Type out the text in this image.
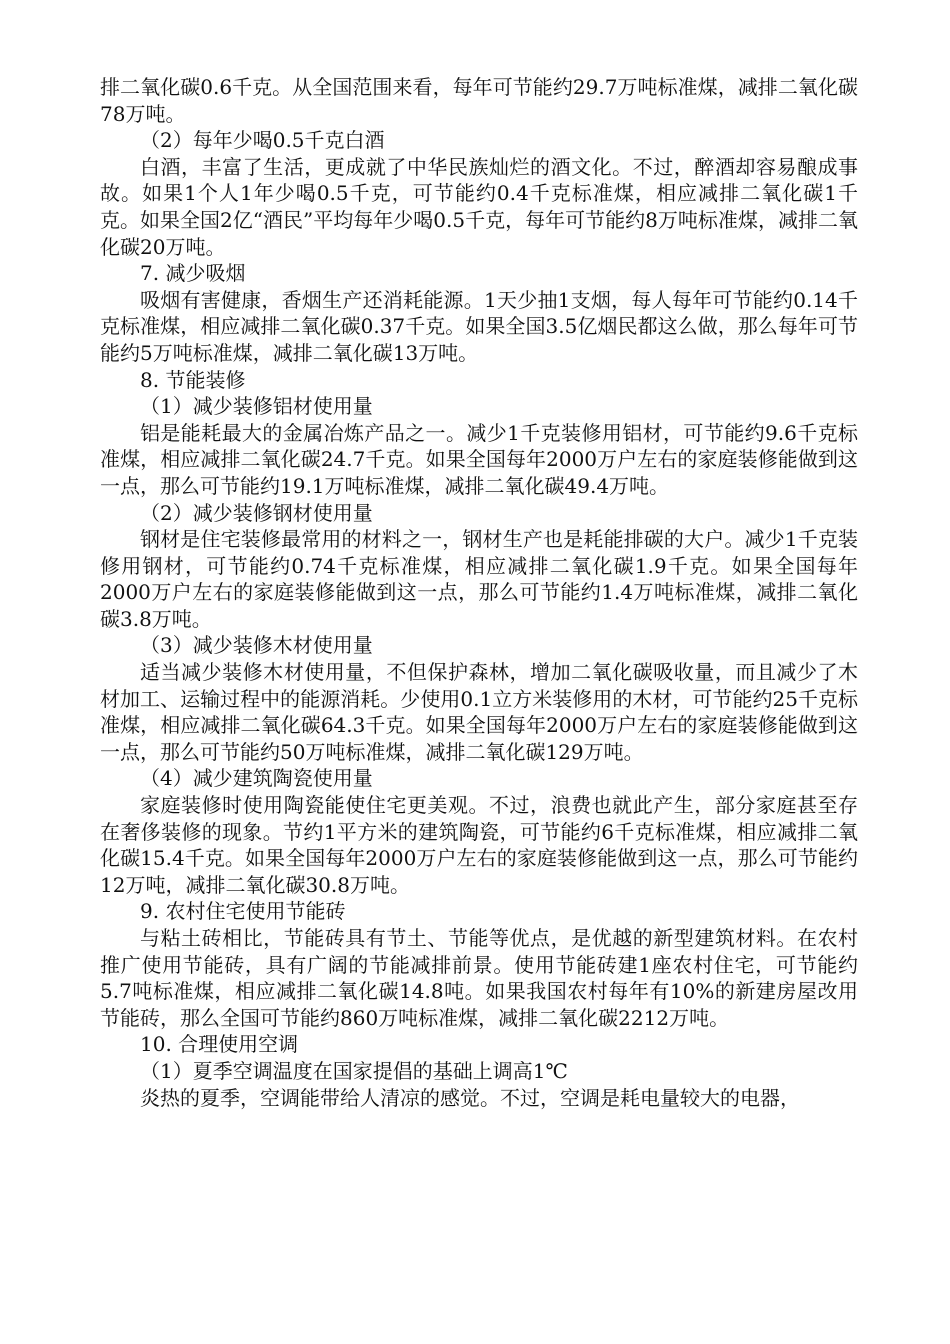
排二氧化碳0.6千克。从全国范围来看，每年可节能约29.7万吨标准煤，减排二氧化碳78万吨。

（2）每年少喝0.5千克白酒

白酒，丰富了生活，更成就了中华民族灿烂的酒文化。不过，醉酒却容易酿成事故。如果1个人1年少喝0.5千克，可节能约0.4千克标准煤，相应减排二氧化碳1千克。如果全国2亿“酒民”平均每年少喝0.5千克，每年可节能约8万吨标准煤，减排二氧化碳20万吨。

7. 减少吸烟

吸烟有害健康，香烟生产还消耗能源。1天少抽1支烟，每人每年可节能约0.14千克标准煤，相应减排二氧化碳0.37千克。如果全国3.5亿烟民都这么做，那么每年可节能约5万吨标准煤，减排二氧化碳13万吨。

8. 节能装修

（1）减少装修铝材使用量

铝是能耗最大的金属冶炼产品之一。减少1千克装修用铝材，可节能约9.6千克标准煤，相应减排二氧化碳24.7千克。如果全国每年2000万户左右的家庭装修能做到这一点，那么可节能约19.1万吨标准煤，减排二氧化碳49.4万吨。

（2）减少装修钢材使用量

钢材是住宅装修最常用的材料之一，钢材生产也是耗能排碳的大户。减少1千克装修用钢材，可节能约0.74千克标准煤，相应减排二氧化碳1.9千克。如果全国每年2000万户左右的家庭装修能做到这一点，那么可节能约1.4万吨标准煤，减排二氧化碳3.8万吨。

（3）减少装修木材使用量

适当减少装修木材使用量，不但保护森林，增加二氧化碳吸收量，而且减少了木材加工、运输过程中的能源消耗。少使用0.1立方米装修用的木材，可节能约25千克标准煤，相应减排二氧化碳64.3千克。如果全国每年2000万户左右的家庭装修能做到这一点，那么可节能约50万吨标准煤，减排二氧化碳129万吨。

（4）减少建筑陶瓷使用量

家庭装修时使用陶瓷能使住宅更美观。不过，浪费也就此产生，部分家庭甚至存在奢侈装修的现象。节约1平方米的建筑陶瓷，可节能约6千克标准煤，相应减排二氧化碳15.4千克。如果全国每年2000万户左右的家庭装修能做到这一点，那么可节能约12万吨，减排二氧化碳30.8万吨。

9. 农村住宅使用节能砖

与粘土砖相比，节能砖具有节土、节能等优点，是优越的新型建筑材料。在农村推广使用节能砖，具有广阔的节能减排前景。使用节能砖建1座农村住宅，可节能约5.7吨标准煤，相应减排二氧化碳14.8吨。如果我国农村每年有10%的新建房屋改用节能砖，那么全国可节能约860万吨标准煤，减排二氧化碳2212万吨。

10. 合理使用空调

（1）夏季空调温度在国家提倡的基础上调高1℃

炎热的夏季，空调能带给人清凉的感觉。不过，空调是耗电量较大的电器，
